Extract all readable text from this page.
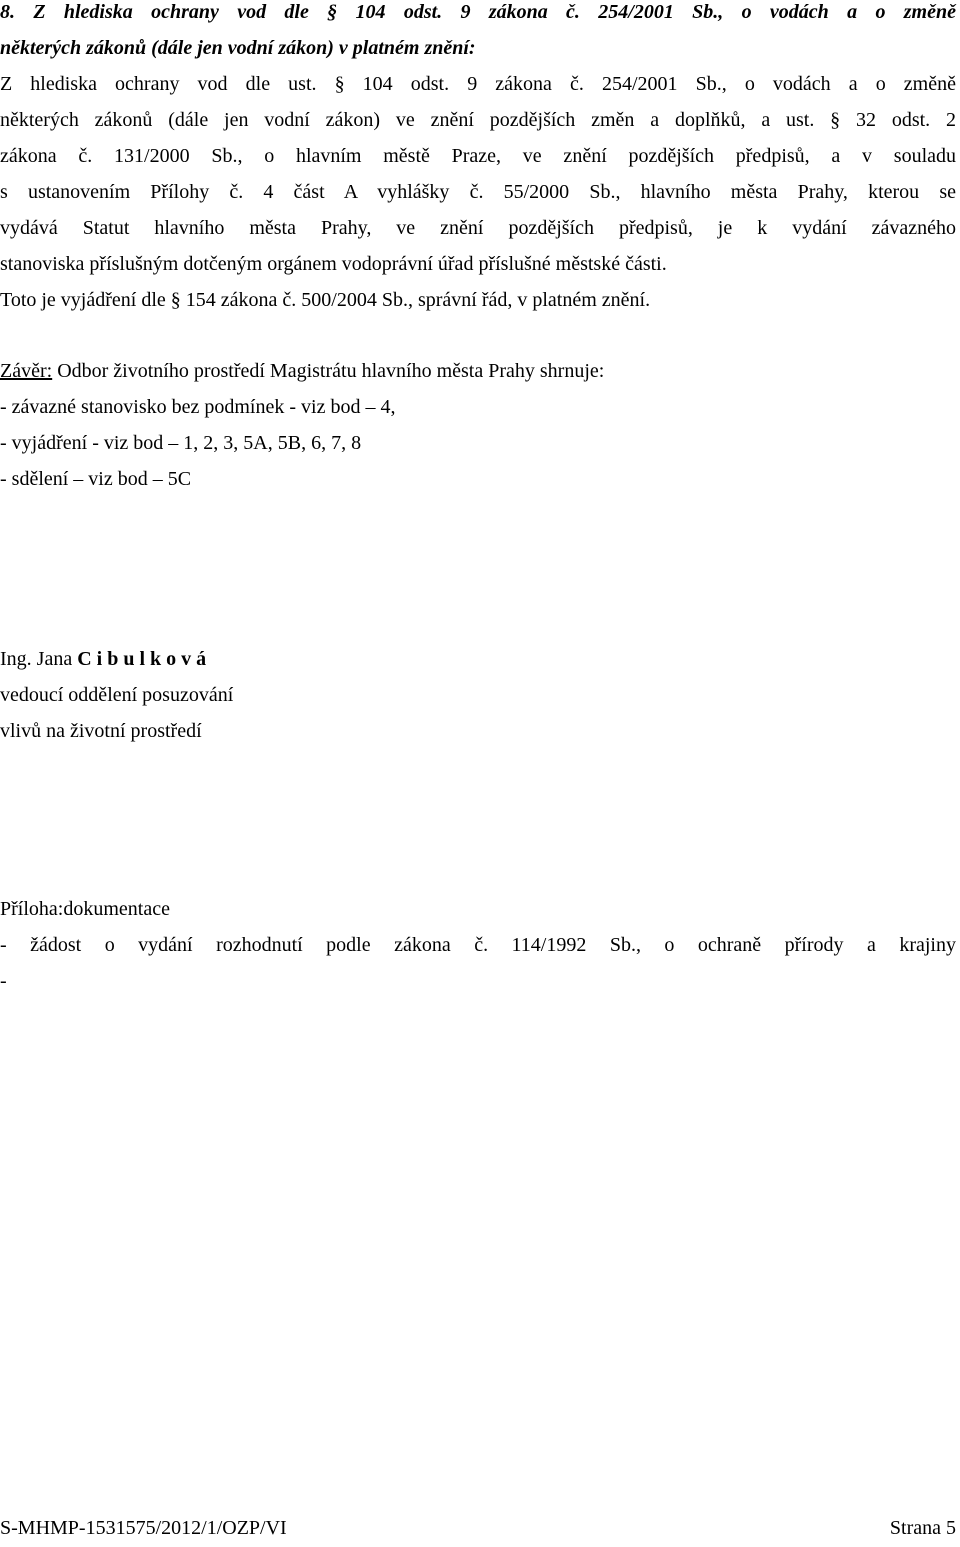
8. Z hlediska ochrany vod dle § 104 odst. 9 zákona č. 254/2001 Sb., o vodách a o změně
některých zákonů (dále jen vodní zákon) v platném znění:
Z hlediska ochrany vod dle ust. § 104 odst. 9 zákona č. 254/2001 Sb., o vodách a o změně
některých zákonů (dále jen vodní zákon) ve znění pozdějších změn a doplňků, a ust. § 32 odst. 2
zákona č. 131/2000 Sb., o hlavním městě Praze, ve znění pozdějších předpisů, a v souladu
s ustanovením Přílohy č. 4 část A vyhlášky č. 55/2000 Sb., hlavního města Prahy, kterou se
vydává Statut hlavního města Prahy, ve znění pozdějších předpisů, je k vydání závazného
stanoviska příslušným dotčeným orgánem vodoprávní úřad příslušné městské části.
Toto je vyjádření dle § 154 zákona č. 500/2004 Sb., správní řád, v platném znění.
Závěr: Odbor životního prostředí Magistrátu hlavního města Prahy shrnuje:
- závazné stanovisko bez podmínek - viz bod – 4,
- vyjádření - viz bod – 1, 2, 3, 5A, 5B, 6, 7, 8
- sdělení – viz bod – 5C
Ing. Jana Cibulková
vedoucí oddělení posuzování
vlivů na životní prostředí
Příloha:dokumentace
- žádost o vydání rozhodnutí podle zákona č. 114/1992 Sb., o ochraně přírody a krajiny
-
S-MHMP-1531575/2012/1/OZP/VI	Strana 5
